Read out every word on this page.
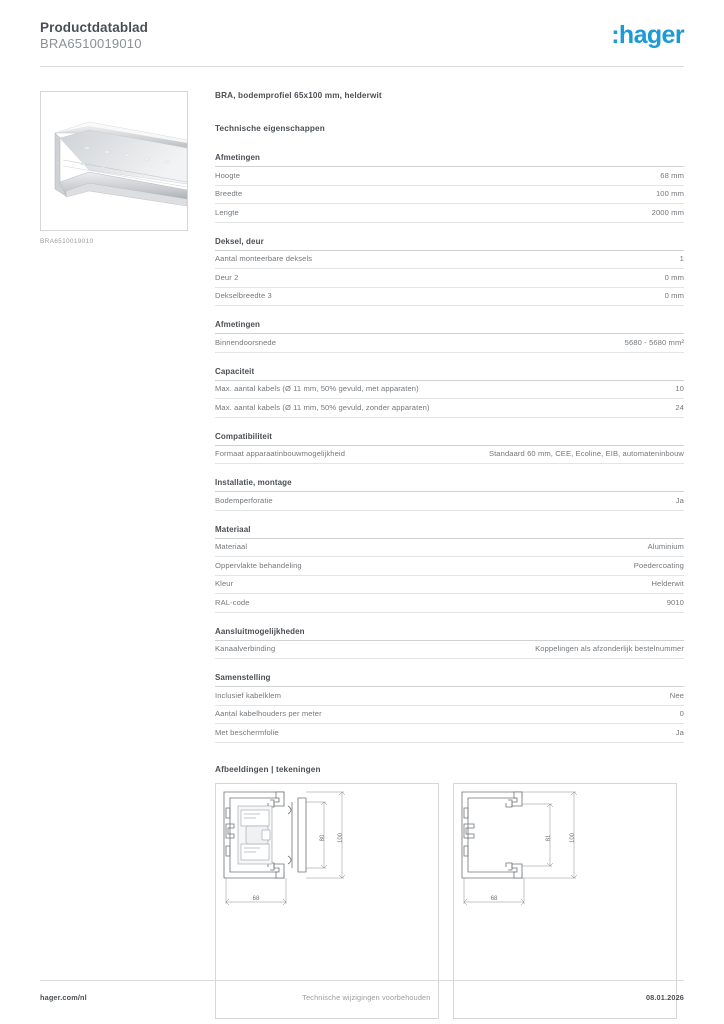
Productdatablad
BRA6510019010	:hager
BRA6510019010
BRA, bodemprofiel 65x100 mm, helderwit
Technische eigenschappen
Afmetingen
Hoogte	68 mm
Breedte	100 mm
Lengte	2000 mm
Deksel, deur
Aantal monteerbare deksels	1
Deur 2	0 mm
Dekselbreedte 3	0 mm
Afmetingen
Binnendoorsnede	5680 - 5680 mm²
Capaciteit
Max. aantal kabels (Ø 11 mm, 50% gevuld, met apparaten)	10
Max. aantal kabels (Ø 11 mm, 50% gevuld, zonder apparaten)	24
Compatibiliteit
Formaat apparaatinbouwmogelijkheid	Standaard 60 mm, CEE, Ecoline, EIB, automateninbouw
Installatie, montage
Bodemperforatie	Ja
Materiaal
Materiaal	Aluminium
Oppervlakte behandeling	Poedercoating
Kleur	Helderwit
RAL-code	9010
Aansluitmogelijkheden
Kanaalverbinding	Koppelingen als afzonderlijk bestelnummer
Samenstelling
Inclusief kabelklem	Nee
Aantal kabelhouders per meter	0
Met beschermfolie	Ja
Afbeeldingen | tekeningen
80 100
68
81	100
68
hager.com/nl	Technische wijzigingen voorbehouden	08.01.2026
